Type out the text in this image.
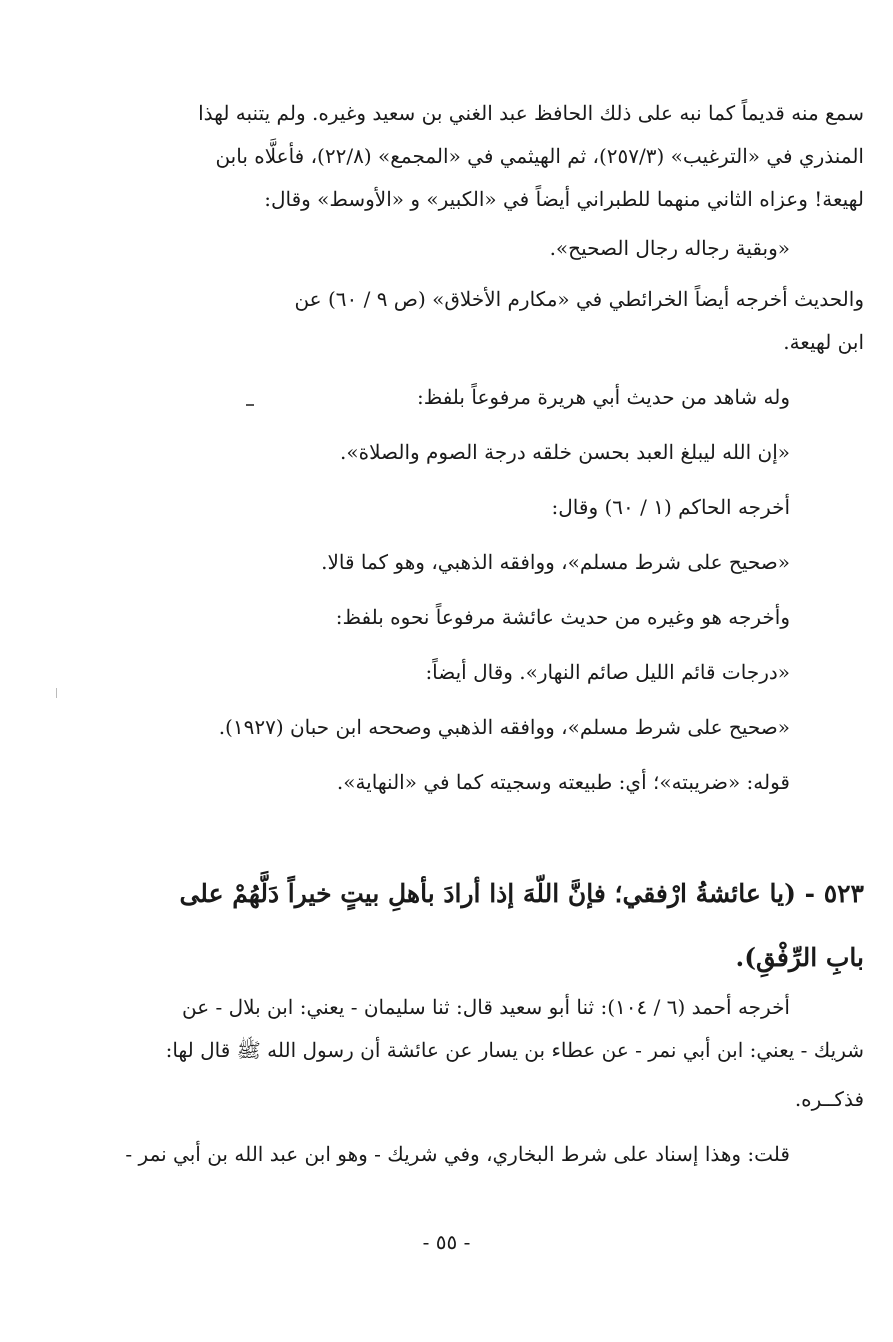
سمع منه قديماً كما نبه على ذلك الحافظ عبد الغني بن سعيد وغيره. ولم يتنبه لهذا
المنذري في «الترغيب» (٢٥٧/٣)، ثم الهيثمي في «المجمع» (٢٢/٨)، فأعلَّاه بابن
لهيعة! وعزاه الثاني منهما للطبراني أيضاً في «الكبير» و «الأوسط» وقال:
«وبقية رجاله رجال الصحيح».
والحديث أخرجه أيضاً الخرائطي في «مكارم الأخلاق» (ص ٩ / ٦٠) عن
ابن لهيعة.
وله شاهد من حديث أبي هريرة مرفوعاً بلفظ:
«إن الله ليبلغ العبد بحسن خلقه درجة الصوم والصلاة».
أخرجه الحاكم (١ / ٦٠) وقال:
«صحيح على شرط مسلم»، ووافقه الذهبي، وهو كما قالا.
وأخرجه هو وغيره من حديث عائشة مرفوعاً نحوه بلفظ:
«درجات قائم الليل صائم النهار». وقال أيضاً:
«صحيح على شرط مسلم»، ووافقه الذهبي وصححه ابن حبان (١٩٢٧).
قوله: «ضريبته»؛ أي: طبيعته وسجيته كما في «النهاية».
٥٢٣ - (يا عائشةُ ارْفقي؛ فإنَّ اللّهَ إذا أرادَ بأهلِ بيتٍ خيراً دَلَّهُمْ على
بابِ الرِّفْقِ).
أخرجه أحمد (٦ / ١٠٤): ثنا أبو سعيد قال: ثنا سليمان - يعني: ابن بلال - عن
شريك - يعني: ابن أبي نمر - عن عطاء بن يسار عن عائشة أن رسول الله ﷺ قال لها:
فذكــره.
قلت: وهذا إسناد على شرط البخاري، وفي شريك - وهو ابن عبد الله بن أبي نمر -
- ٥٥ -
